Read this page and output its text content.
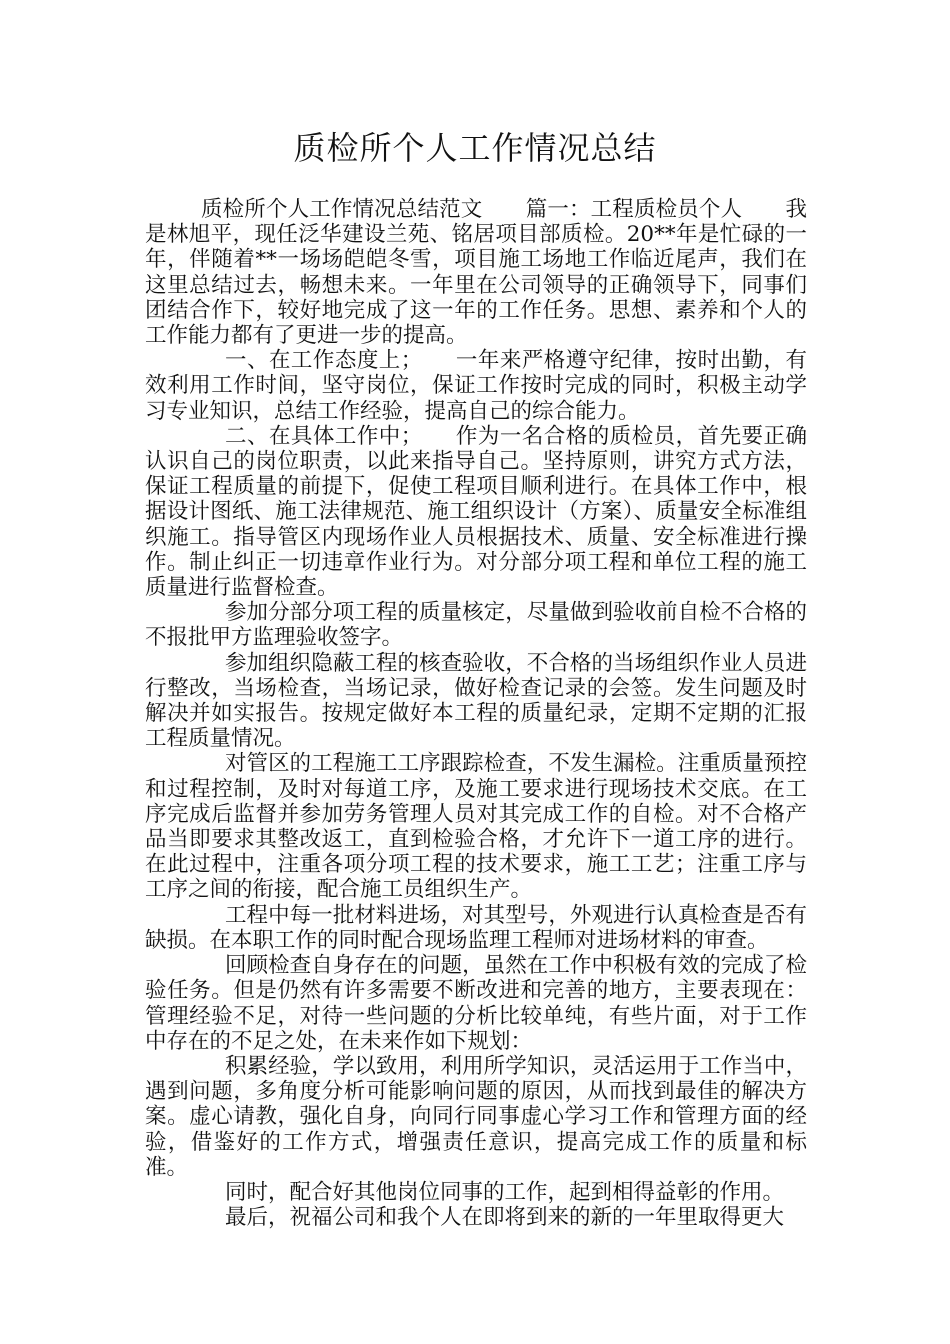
质检所个人工作情况总结

质检所个人工作情况总结范文　　篇一：工程质检员个人　　我是林旭平，现任泛华建设兰苑、铭居项目部质检。20**年是忙碌的一年，伴随着**一场场皑皑冬雪，项目施工场地工作临近尾声，我们在这里总结过去，畅想未来。一年里在公司领导的正确领导下，同事们团结合作下，较好地完成了这一年的工作任务。思想、素养和个人的工作能力都有了更进一步的提高。

一、在工作态度上；　　一年来严格遵守纪律，按时出勤，有效利用工作时间，坚守岗位，保证工作按时完成的同时，积极主动学习专业知识，总结工作经验，提高自己的综合能力。

二、在具体工作中；　　作为一名合格的质检员，首先要正确认识自己的岗位职责，以此来指导自己。坚持原则，讲究方式方法，保证工程质量的前提下，促使工程项目顺利进行。在具体工作中，根据设计图纸、施工法律规范、施工组织设计（方案）、质量安全标准组织施工。指导管区内现场作业人员根据技术、质量、安全标准进行操作。制止纠正一切违章作业行为。对分部分项工程和单位工程的施工质量进行监督检查。

参加分部分项工程的质量核定，尽量做到验收前自检不合格的不报批甲方监理验收签字。

参加组织隐蔽工程的核查验收，不合格的当场组织作业人员进行整改，当场检查，当场记录，做好检查记录的会签。发生问题及时解决并如实报告。按规定做好本工程的质量纪录，定期不定期的汇报工程质量情况。

对管区的工程施工工序跟踪检查，不发生漏检。注重质量预控和过程控制，及时对每道工序，及施工要求进行现场技术交底。在工序完成后监督并参加劳务管理人员对其完成工作的自检。对不合格产品当即要求其整改返工，直到检验合格，才允许下一道工序的进行。在此过程中，注重各项分项工程的技术要求，施工工艺；注重工序与工序之间的衔接，配合施工员组织生产。

工程中每一批材料进场，对其型号，外观进行认真检查是否有缺损。在本职工作的同时配合现场监理工程师对进场材料的审查。

回顾检查自身存在的问题，虽然在工作中积极有效的完成了检验任务。但是仍然有许多需要不断改进和完善的地方，主要表现在：管理经验不足，对待一些问题的分析比较单纯，有些片面，对于工作中存在的不足之处，在未来作如下规划：

积累经验，学以致用，利用所学知识，灵活运用于工作当中，遇到问题，多角度分析可能影响问题的原因，从而找到最佳的解决方案。虚心请教，强化自身，向同行同事虚心学习工作和管理方面的经验，借鉴好的工作方式，增强责任意识，提高完成工作的质量和标准。

同时，配合好其他岗位同事的工作，起到相得益彰的作用。

最后，祝福公司和我个人在即将到来的新的一年里取得更大
